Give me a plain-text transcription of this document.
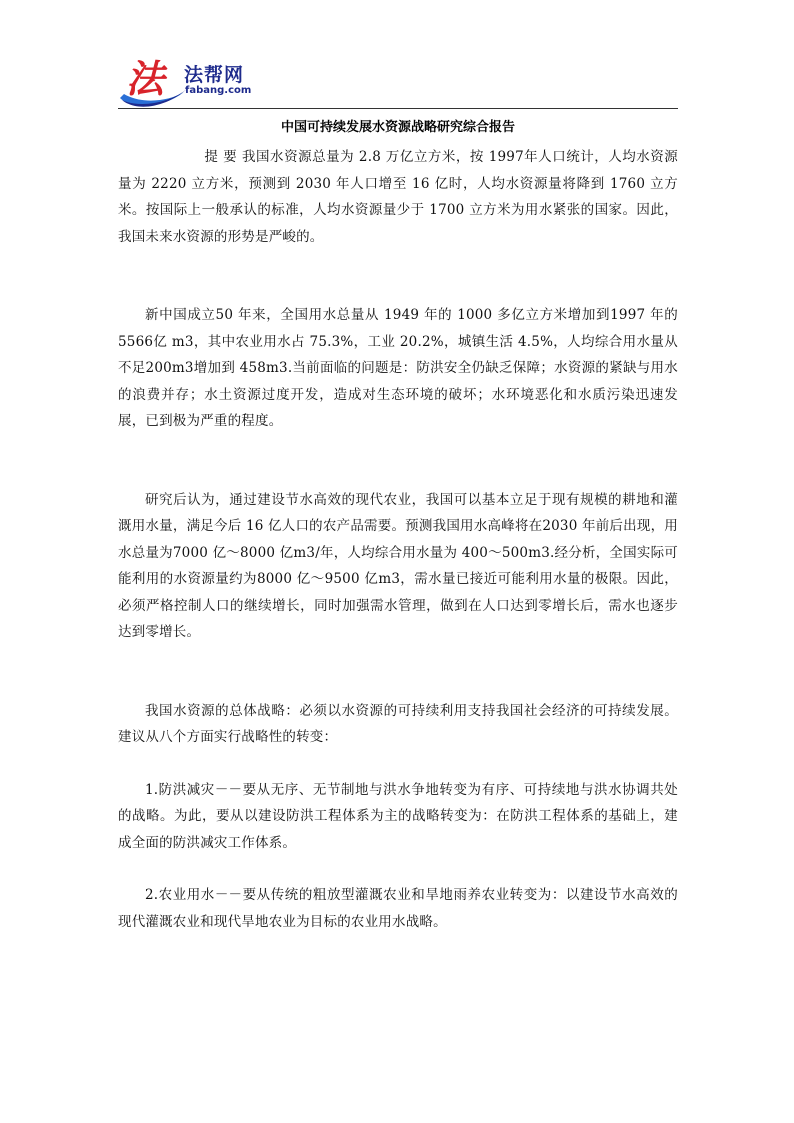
法 法帮网
fabang.com
中国可持续发展水资源战略研究综合报告

提 要 我国水资源总量为 2.8 万亿立方米，按 1997年人口统计，人均水资源量为 2220 立方米，预测到 2030 年人口增至 16 亿时，人均水资源量将降到 1760 立方米。按国际上一般承认的标准，人均水资源量少于 1700 立方米为用水紧张的国家。因此，我国未来水资源的形势是严峻的。

新中国成立50 年来，全国用水总量从 1949 年的 1000 多亿立方米增加到1997 年的5566亿 m3，其中农业用水占 75.3%，工业 20.2%，城镇生活 4.5%，人均综合用水量从不足200m3增加到 458m3.当前面临的问题是：防洪安全仍缺乏保障；水资源的紧缺与用水的浪费并存；水土资源过度开发，造成对生态环境的破坏；水环境恶化和水质污染迅速发展，已到极为严重的程度。

研究后认为，通过建设节水高效的现代农业，我国可以基本立足于现有规模的耕地和灌溉用水量，满足今后 16 亿人口的农产品需要。预测我国用水高峰将在2030 年前后出现，用水总量为7000 亿～8000 亿m3/年，人均综合用水量为 400～500m3.经分析，全国实际可能利用的水资源量约为8000 亿～9500 亿m3，需水量已接近可能利用水量的极限。因此，必须严格控制人口的继续增长，同时加强需水管理，做到在人口达到零增长后，需水也逐步达到零增长。

我国水资源的总体战略：必须以水资源的可持续利用支持我国社会经济的可持续发展。建议从八个方面实行战略性的转变：

1.防洪减灾－－要从无序、无节制地与洪水争地转变为有序、可持续地与洪水协调共处的战略。为此，要从以建设防洪工程体系为主的战略转变为：在防洪工程体系的基础上，建成全面的防洪减灾工作体系。

2.农业用水－－要从传统的粗放型灌溉农业和旱地雨养农业转变为：以建设节水高效的现代灌溉农业和现代旱地农业为目标的农业用水战略。
